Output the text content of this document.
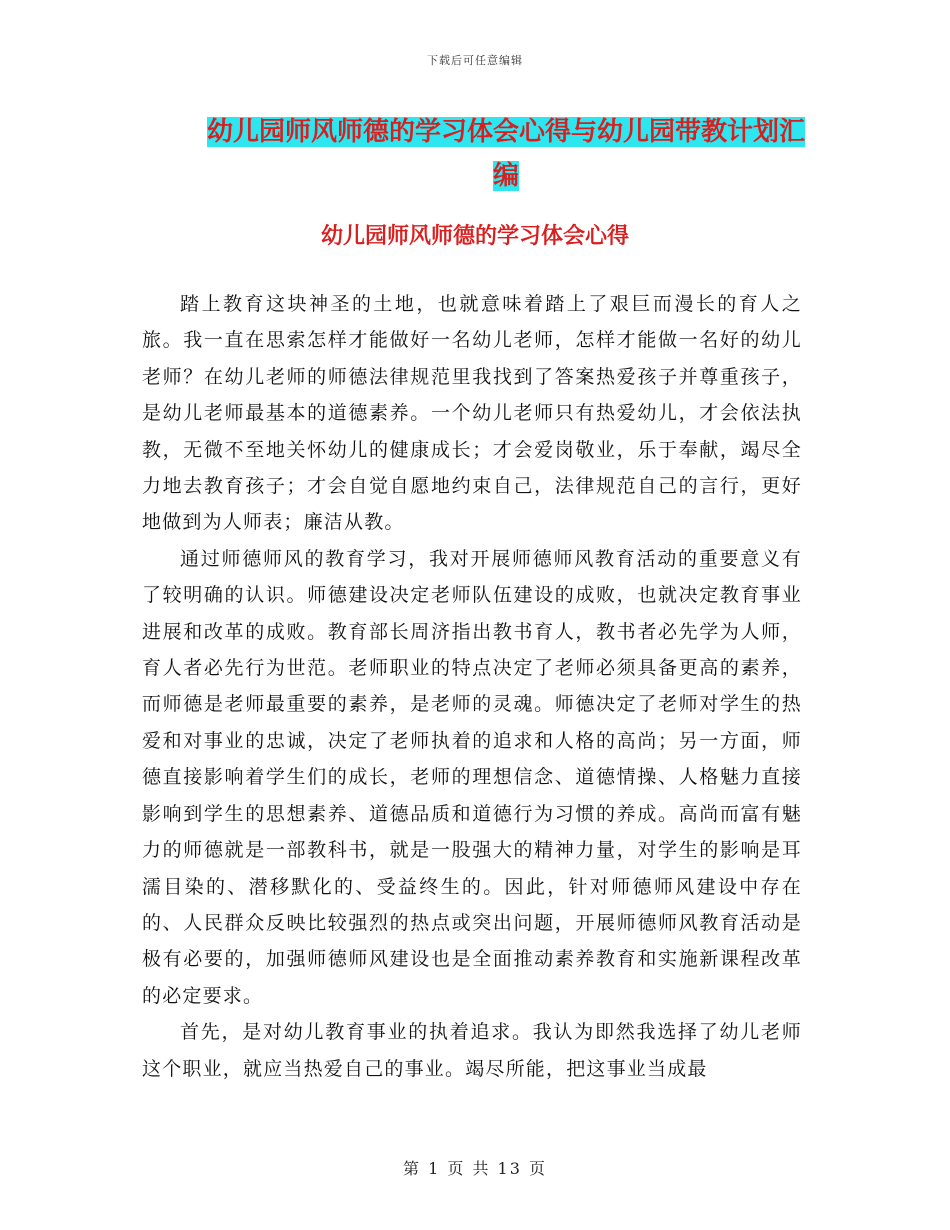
下载后可任意编辑
幼儿园师风师德的学习体会心得与幼儿园带教计划汇编
幼儿园师风师德的学习体会心得

踏上教育这块神圣的土地，也就意味着踏上了艰巨而漫长的育人之旅。我一直在思索怎样才能做好一名幼儿老师，怎样才能做一名好的幼儿老师？在幼儿老师的师德法律规范里我找到了答案热爱孩子并尊重孩子，是幼儿老师最基本的道德素养。一个幼儿老师只有热爱幼儿，才会依法执教，无微不至地关怀幼儿的健康成长；才会爱岗敬业，乐于奉献，竭尽全力地去教育孩子；才会自觉自愿地约束自己，法律规范自己的言行，更好地做到为人师表；廉洁从教。

通过师德师风的教育学习，我对开展师德师风教育活动的重要意义有了较明确的认识。师德建设决定老师队伍建设的成败，也就决定教育事业进展和改革的成败。教育部长周济指出教书育人，教书者必先学为人师，育人者必先行为世范。老师职业的特点决定了老师必须具备更高的素养，而师德是老师最重要的素养，是老师的灵魂。师德决定了老师对学生的热爱和对事业的忠诚，决定了老师执着的追求和人格的高尚；另一方面，师德直接影响着学生们的成长，老师的理想信念、道德情操、人格魅力直接影响到学生的思想素养、道德品质和道德行为习惯的养成。高尚而富有魅力的师德就是一部教科书，就是一股强大的精神力量，对学生的影响是耳濡目染的、潜移默化的、受益终生的。因此，针对师德师风建设中存在的、人民群众反映比较强烈的热点或突出问题，开展师德师风教育活动是极有必要的，加强师德师风建设也是全面推动素养教育和实施新课程改革的必定要求。

首先，是对幼儿教育事业的执着追求。我认为即然我选择了幼儿老师这个职业，就应当热爱自己的事业。竭尽所能，把这事业当成最

第 1 页 共 13 页
